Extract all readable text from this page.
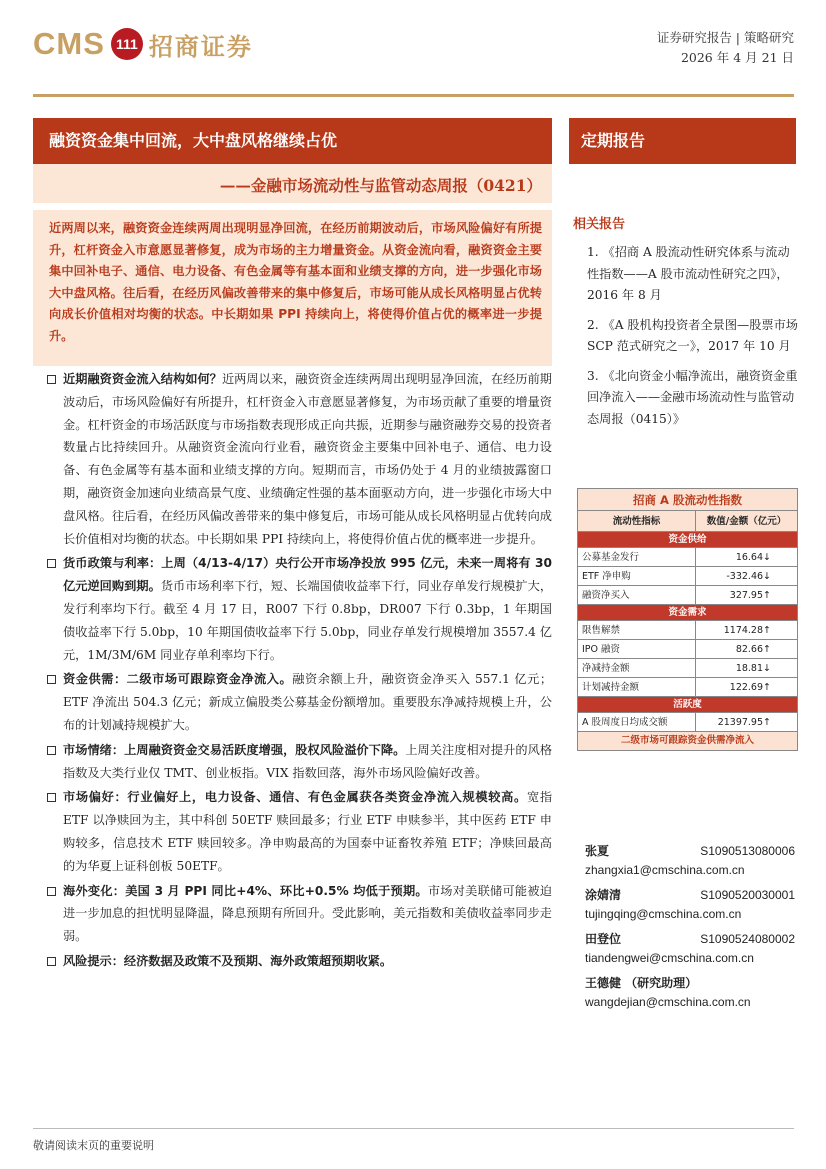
CMS 111 招商证券	证券研究报告 | 策略研究
2026 年 4 月 21 日
融资资金集中回流，大中盘风格继续占优
——金融市场流动性与监管动态周报（0421）
定期报告
近两周以来，融资资金连续两周出现明显净回流，在经历前期波动后，市场风险偏好有所提升，杠杆资金入市意愿显著修复，成为市场的主力增量资金。从资金流向看，融资资金主要集中回补电子、通信、电力设备、有色金属等有基本面和业绩支撑的方向，进一步强化市场大中盘风格。往后看，在经历风偏改善带来的集中修复后，市场可能从成长风格明显占优转向成长价值相对均衡的状态。中长期如果 PPI 持续向上，将使得价值占优的概率进一步提升。
近期融资资金流入结构如何？近两周以来，融资资金连续两周出现明显净回流，在经历前期波动后，市场风险偏好有所提升，杠杆资金入市意愿显著修复，为市场贡献了重要的增量资金。杠杆资金的市场活跃度与市场指数表现形成正向共振，近期参与融资融券交易的投资者数量占比持续回升。从融资资金流向行业看，融资资金主要集中回补电子、通信、电力设备、有色金属等有基本面和业绩支撑的方向。短期而言，市场仍处于 4 月的业绩披露窗口期，融资资金加速向业绩高景气度、业绩确定性强的基本面驱动方向，进一步强化市场大中盘风格。往后看，在经历风偏改善带来的集中修复后，市场可能从成长风格明显占优转向成长价值相对均衡的状态。中长期如果 PPI 持续向上，将使得价值占优的概率进一步提升。
货币政策与利率：上周（4/13-4/17）央行公开市场净投放 995 亿元，未来一周将有 30 亿元逆回购到期。货币市场利率下行，短、长端国债收益率下行，同业存单发行规模扩大，发行利率均下行。截至 4 月 17 日，R007 下行 0.8bp，DR007 下行 0.3bp，1 年期国债收益率下行 5.0bp，10 年期国债收益率下行 5.0bp，同业存单发行规模增加 3557.4 亿元，1M/3M/6M 同业存单利率均下行。
资金供需：二级市场可跟踪资金净流入。融资余额上升，融资资金净买入 557.1 亿元；ETF 净流出 504.3 亿元；新成立偏股类公募基金份额增加。重要股东净减持规模上升，公布的计划减持规模扩大。
市场情绪：上周融资资金交易活跃度增强，股权风险溢价下降。上周关注度相对提升的风格指数及大类行业仅 TMT、创业板指。VIX 指数回落，海外市场风险偏好改善。
市场偏好：行业偏好上，电力设备、通信、有色金属获各类资金净流入规模较高。宽指 ETF 以净赎回为主，其中科创 50ETF 赎回最多；行业 ETF 申赎参半，其中医药 ETF 申购较多，信息技术 ETF 赎回较多。净申购最高的为国泰中证畜牧养殖 ETF；净赎回最高的为华夏上证科创板 50ETF。
海外变化：美国 3 月 PPI 同比+4%、环比+0.5% 均低于预期。市场对美联储可能被迫进一步加息的担忧明显降温，降息预期有所回升。受此影响，美元指数和美债收益率同步走弱。
风险提示：经济数据及政策不及预期、海外政策超预期收紧。
相关报告
1. 《招商 A 股流动性研究体系与流动性指数——A 股市流动性研究之四》，2016 年 8 月
2. 《A 股机构投资者全景图—股票市场 SCP 范式研究之一》，2017 年 10 月
3. 《北向资金小幅净流出，融资资金重回净流入——金融市场流动性与监管动态周报（0415）》
招商 A 股流动性指数
流动性指标	数值/金额（亿元）
资金供给
公募基金发行	16.64↓
ETF 净申购	-332.46↓
融资净买入	327.95↑
资金需求
限售解禁	1174.28↑
IPO 融资	82.66↑
净减持金额	18.81↓
计划减持金额	122.69↑
活跃度
A 股周度日均成交额	21397.95↑
二级市场可跟踪资金供需净流入
张夏	S1090513080006
zhangxia1@cmschina.com.cn
涂婧清	S1090520030001
tujingqing@cmschina.com.cn
田登位	S1090524080002
tiandengwei@cmschina.com.cn
王德健 （研究助理）
wangdejian@cmschina.com.cn
敬请阅读末页的重要说明
